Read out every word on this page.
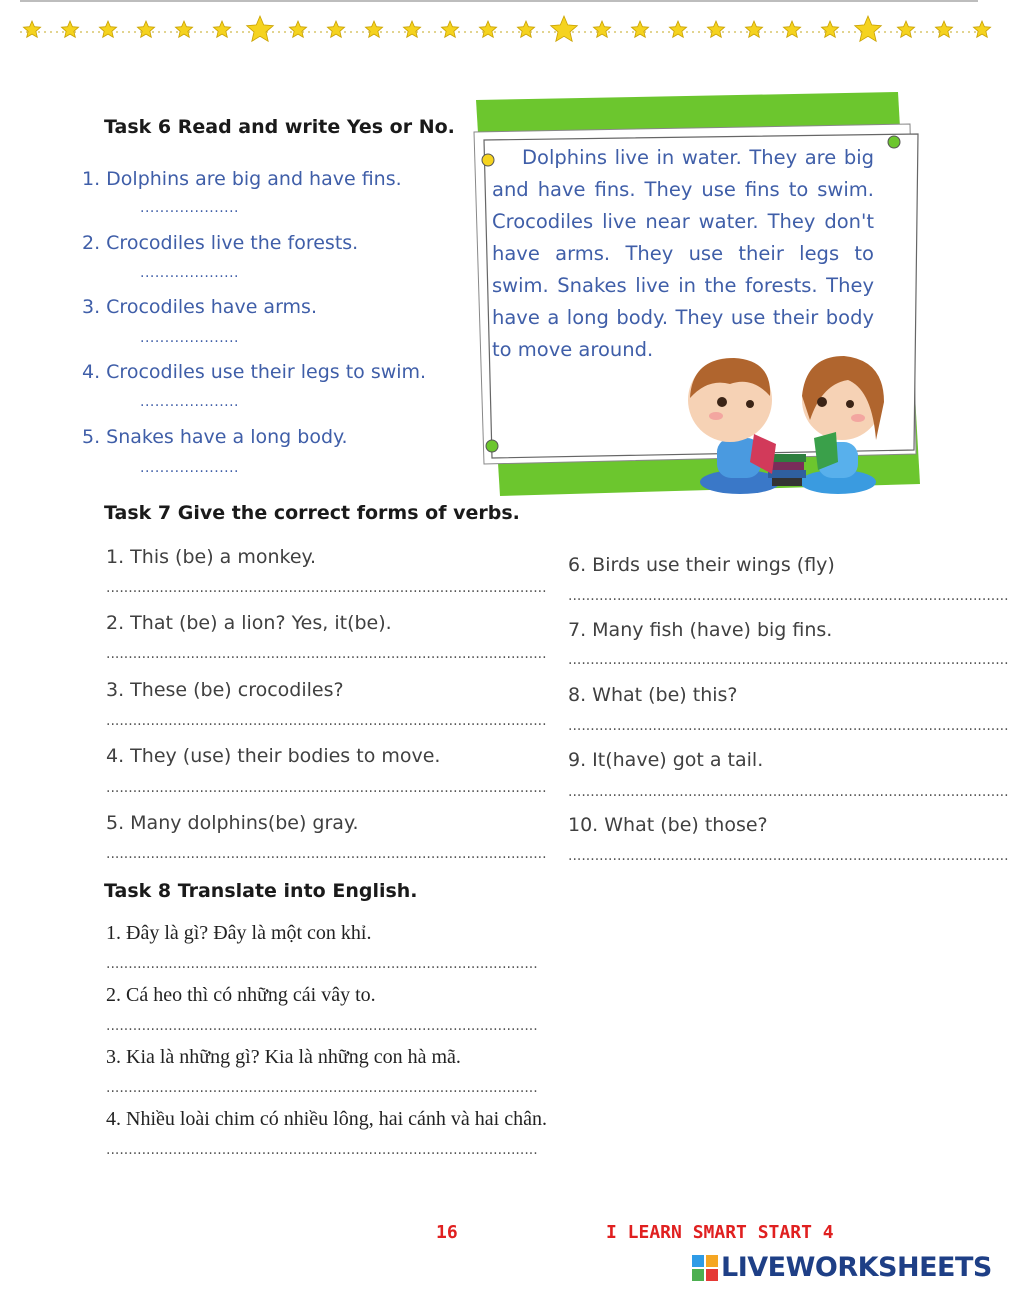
Task 6 Read and write Yes or No.
1. Dolphins are big and have fins.
....................
2. Crocodiles live the forests.
....................
3. Crocodiles have arms.
....................
4. Crocodiles use their legs to swim.
....................
5. Snakes have a long body.
....................
Dolphins live in water. They are big and have fins. They use fins to swim. Crocodiles live near water. They don't have arms. They use their legs to swim. Snakes live in the forests. They have a long body. They use their body to move around.
Task 7 Give the correct forms of verbs.
1. This (be) a monkey.
...................................................................................................
2. That (be) a lion? Yes, it(be).
...................................................................................................
3. These (be) crocodiles?
...................................................................................................
4. They (use) their bodies to move.
...................................................................................................
5. Many dolphins(be) gray.
...................................................................................................
6. Birds use their wings (fly)
...................................................................................................
7. Many fish (have) big fins.
...................................................................................................
8. What (be) this?
...................................................................................................
9. It(have) got a tail.
...................................................................................................
10. What (be) those?
...................................................................................................
Task 8 Translate into English.
1. Đây là gì? Đây là một con khỉ.
.................................................................................................
2. Cá heo thì có những cái vây to.
.................................................................................................
3. Kia là những gì? Kia là những con hà mã.
.................................................................................................
4. Nhiều loài chim có nhiều lông, hai cánh và hai chân.
.................................................................................................
16	I LEARN SMART START 4
LIVEWORKSHEETS
